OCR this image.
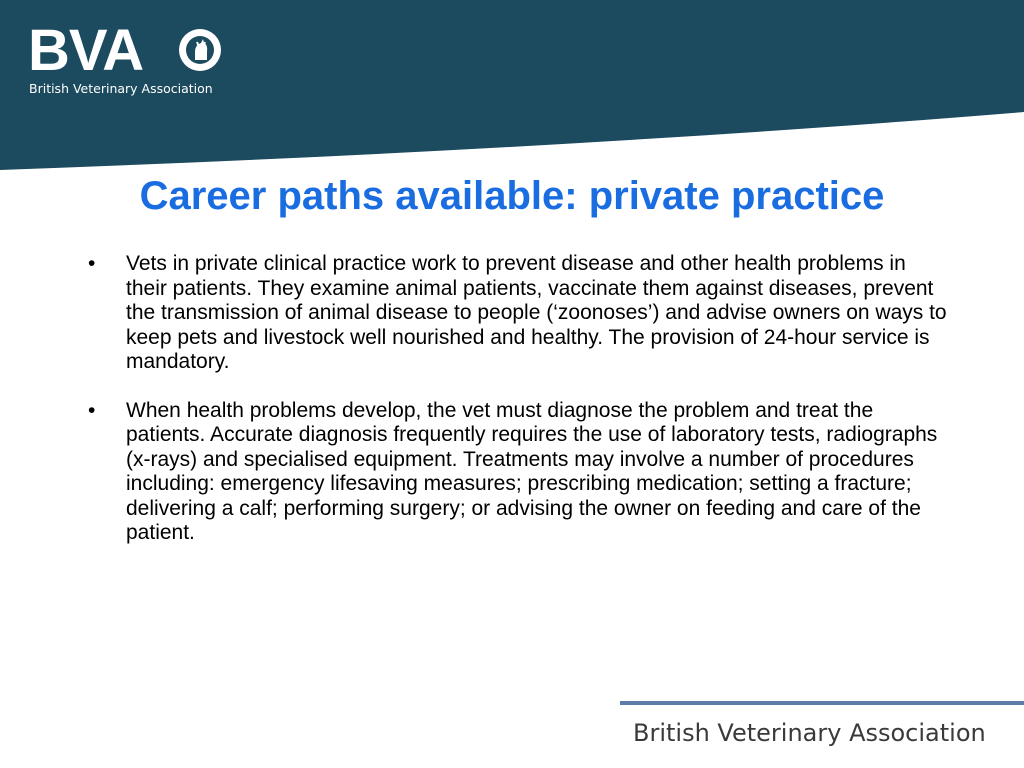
BVA
British Veterinary Association
Career paths available: private practice
• Vets in private clinical practice work to prevent disease and other health problems in their patients. They examine animal patients, vaccinate them against diseases, prevent the transmission of animal disease to people (‘zoonoses’) and advise owners on ways to keep pets and livestock well nourished and healthy. The provision of 24-hour service is mandatory.
• When health problems develop, the vet must diagnose the problem and treat the patients. Accurate diagnosis frequently requires the use of laboratory tests, radiographs (x-rays) and specialised equipment. Treatments may involve a number of procedures including: emergency lifesaving measures; prescribing medication; setting a fracture; delivering a calf; performing surgery; or advising the owner on feeding and care of the patient.
British Veterinary Association
